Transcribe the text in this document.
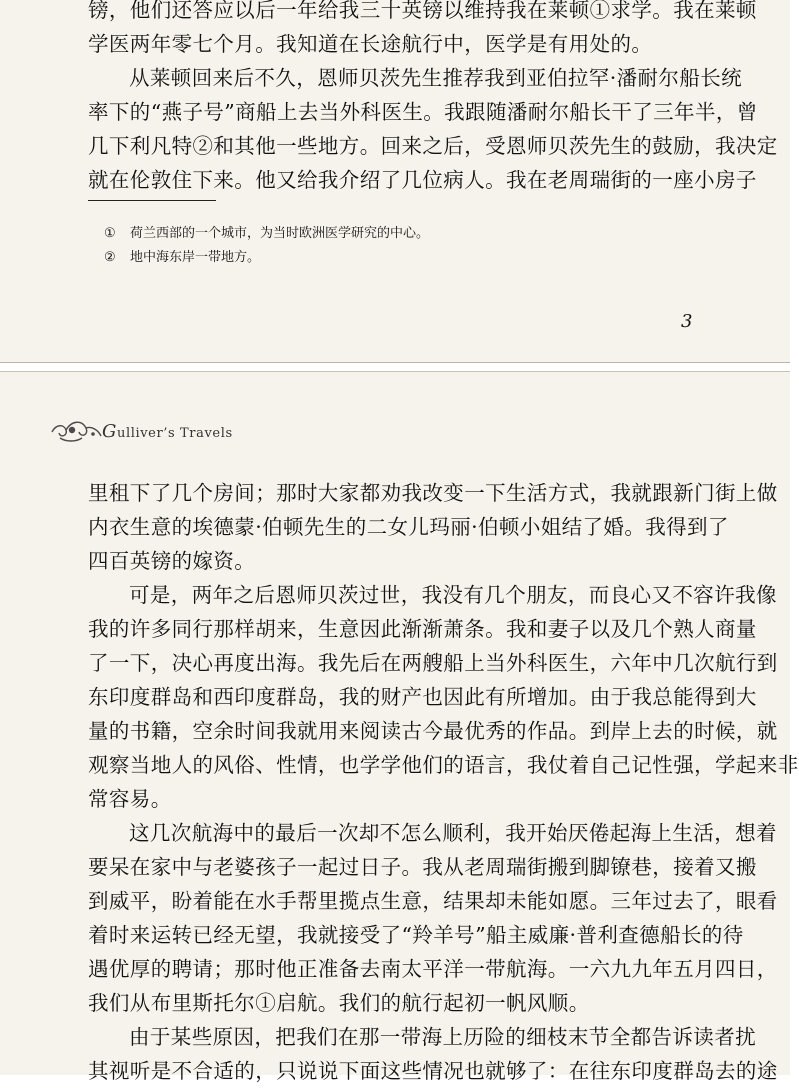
镑，他们还答应以后一年给我三十英镑以维持我在莱顿①求学。我在莱顿
学医两年零七个月。我知道在长途航行中，医学是有用处的。
从莱顿回来后不久，恩师贝茨先生推荐我到亚伯拉罕·潘耐尔船长统
率下的“燕子号”商船上去当外科医生。我跟随潘耐尔船长干了三年半，曾
几下利凡特②和其他一些地方。回来之后，受恩师贝茨先生的鼓励，我决定
就在伦敦住下来。他又给我介绍了几位病人。我在老周瑞街的一座小房子
① 荷兰西部的一个城市，为当时欧洲医学研究的中心。
② 地中海东岸一带地方。
3
Gulliver’s Travels
里租下了几个房间；那时大家都劝我改变一下生活方式，我就跟新门街上做
内衣生意的埃德蒙·伯顿先生的二女儿玛丽·伯顿小姐结了婚。我得到了
四百英镑的嫁资。
可是，两年之后恩师贝茨过世，我没有几个朋友，而良心又不容许我像
我的许多同行那样胡来，生意因此渐渐萧条。我和妻子以及几个熟人商量
了一下，决心再度出海。我先后在两艘船上当外科医生，六年中几次航行到
东印度群岛和西印度群岛，我的财产也因此有所增加。由于我总能得到大
量的书籍，空余时间我就用来阅读古今最优秀的作品。到岸上去的时候，就
观察当地人的风俗、性情，也学学他们的语言，我仗着自己记性强，学起来非
常容易。
这几次航海中的最后一次却不怎么顺利，我开始厌倦起海上生活，想着
要呆在家中与老婆孩子一起过日子。我从老周瑞街搬到脚镣巷，接着又搬
到威平，盼着能在水手帮里揽点生意，结果却未能如愿。三年过去了，眼看
着时来运转已经无望，我就接受了“羚羊号”船主威廉·普利查德船长的待
遇优厚的聘请；那时他正准备去南太平洋一带航海。一六九九年五月四日，
我们从布里斯托尔①启航。我们的航行起初一帆风顺。
由于某些原因，把我们在那一带海上历险的细枝末节全都告诉读者扰
其视听是不合适的，只说说下面这些情况也就够了：在往东印度群岛去的途
